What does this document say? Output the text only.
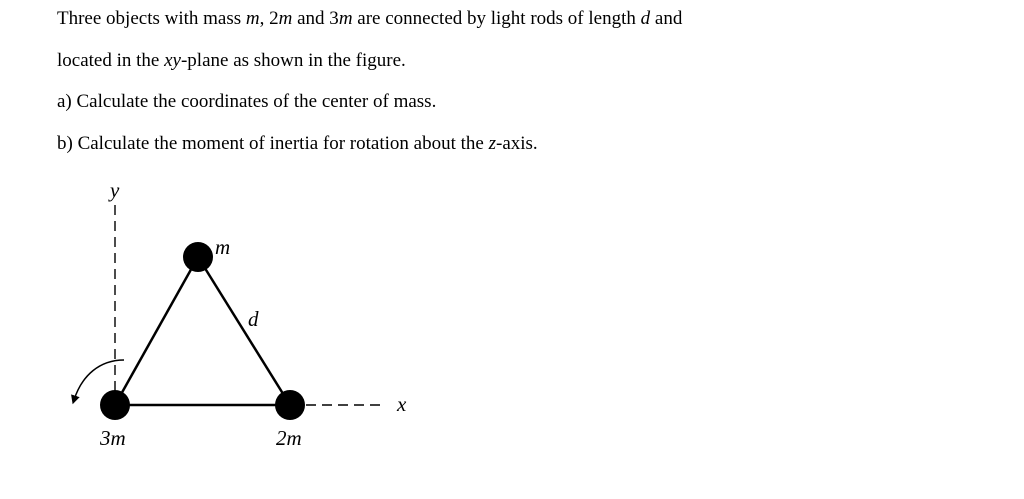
Three objects with mass m, 2m and 3m are connected by light rods of length d and

located in the xy-plane as shown in the figure.

a) Calculate the coordinates of the center of mass.

b) Calculate the moment of inertia for rotation about the z-axis.

y
x
m
d
3m	2m
